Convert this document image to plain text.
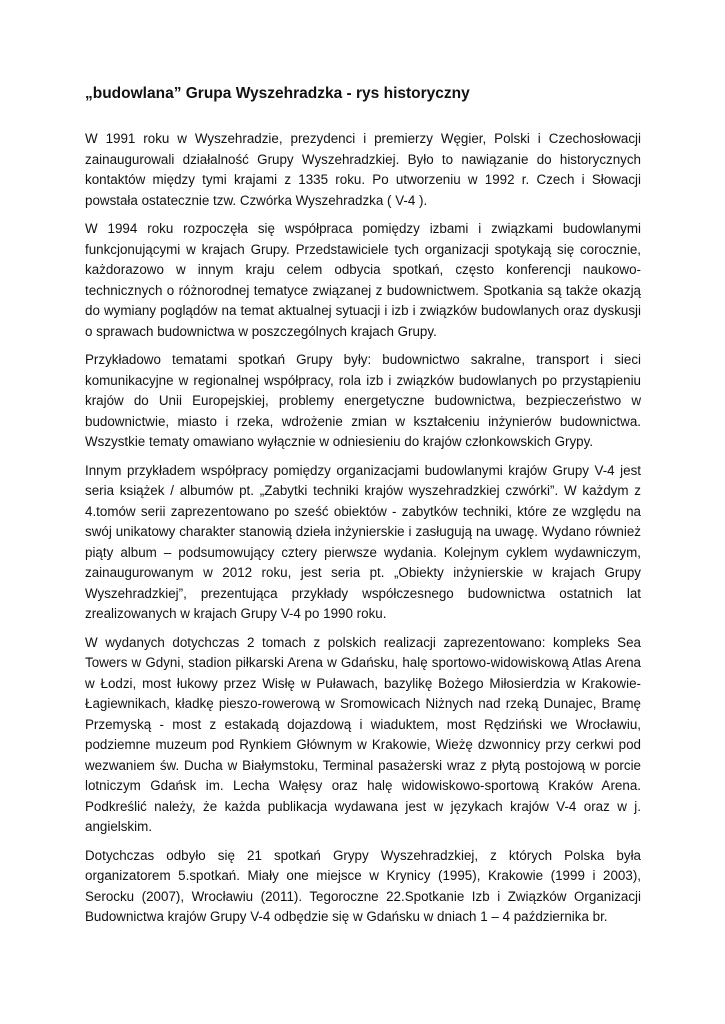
„budowlana” Grupa Wyszehradzka - rys historyczny

W 1991 roku w Wyszehradzie, prezydenci i premierzy Węgier, Polski i Czechosłowacji zainaugurowali działalność Grupy Wyszehradzkiej. Było to nawiązanie do historycznych kontaktów między tymi krajami z 1335 roku. Po utworzeniu w 1992 r. Czech i Słowacji powstała ostatecznie tzw. Czwórka Wyszehradzka ( V-4 ).

W 1994 roku rozpoczęła się współpraca pomiędzy izbami i związkami budowlanymi funkcjonującymi w krajach Grupy. Przedstawiciele tych organizacji spotykają się corocznie, każdorazowo w innym kraju celem odbycia spotkań, często konferencji naukowo-technicznych o różnorodnej tematyce związanej z budownictwem. Spotkania są także okazją do wymiany poglądów na temat aktualnej sytuacji i izb i związków budowlanych oraz dyskusji o sprawach budownictwa w poszczególnych krajach Grupy.

Przykładowo tematami spotkań Grupy były: budownictwo sakralne, transport i sieci komunikacyjne w regionalnej współpracy, rola izb i związków budowlanych po przystąpieniu krajów do Unii Europejskiej, problemy energetyczne budownictwa, bezpieczeństwo w budownictwie, miasto i rzeka, wdrożenie zmian w kształceniu inżynierów budownictwa. Wszystkie tematy omawiano wyłącznie w odniesieniu do krajów członkowskich Grypy.

Innym przykładem współpracy pomiędzy organizacjami budowlanymi krajów Grupy V-4 jest seria książek / albumów pt. „Zabytki techniki krajów wyszehradzkiej czwórki”. W każdym z 4.tomów serii zaprezentowano po sześć obiektów - zabytków techniki, które ze względu na swój unikatowy charakter stanowią dzieła inżynierskie i zasługują na uwagę. Wydano również piąty album – podsumowujący cztery pierwsze wydania. Kolejnym cyklem wydawniczym, zainaugurowanym w 2012 roku, jest seria pt. „Obiekty inżynierskie w krajach Grupy Wyszehradzkiej”, prezentująca przykłady współczesnego budownictwa ostatnich lat zrealizowanych w krajach Grupy V-4 po 1990 roku.

W wydanych dotychczas 2 tomach z polskich realizacji zaprezentowano: kompleks Sea Towers w Gdyni, stadion piłkarski Arena w Gdańsku, halę sportowo-widowiskową Atlas Arena w Łodzi, most łukowy przez Wisłę w Puławach, bazylikę Bożego Miłosierdzia w Krakowie-Łagiewnikach, kładkę pieszo-rowerową w Sromowicach Niżnych nad rzeką Dunajec, Bramę Przemyską - most z estakadą dojazdową i wiaduktem, most Rędziński we Wrocławiu, podziemne muzeum pod Rynkiem Głównym w Krakowie, Wieżę dzwonnicy przy cerkwi pod wezwaniem św. Ducha w Białymstoku, Terminal pasażerski wraz z płytą postojową w porcie lotniczym Gdańsk im. Lecha Wałęsy oraz halę widowiskowo-sportową Kraków Arena. Podkreślić należy, że każda publikacja wydawana jest w językach krajów V-4 oraz w j. angielskim.

Dotychczas odbyło się 21 spotkań Grypy Wyszehradzkiej, z których Polska była organizatorem 5.spotkań. Miały one miejsce w Krynicy (1995), Krakowie (1999 i 2003), Serocku (2007), Wrocławiu (2011). Tegoroczne 22.Spotkanie Izb i Związków Organizacji Budownictwa krajów Grupy V-4 odbędzie się w Gdańsku w dniach 1 – 4 października br.
